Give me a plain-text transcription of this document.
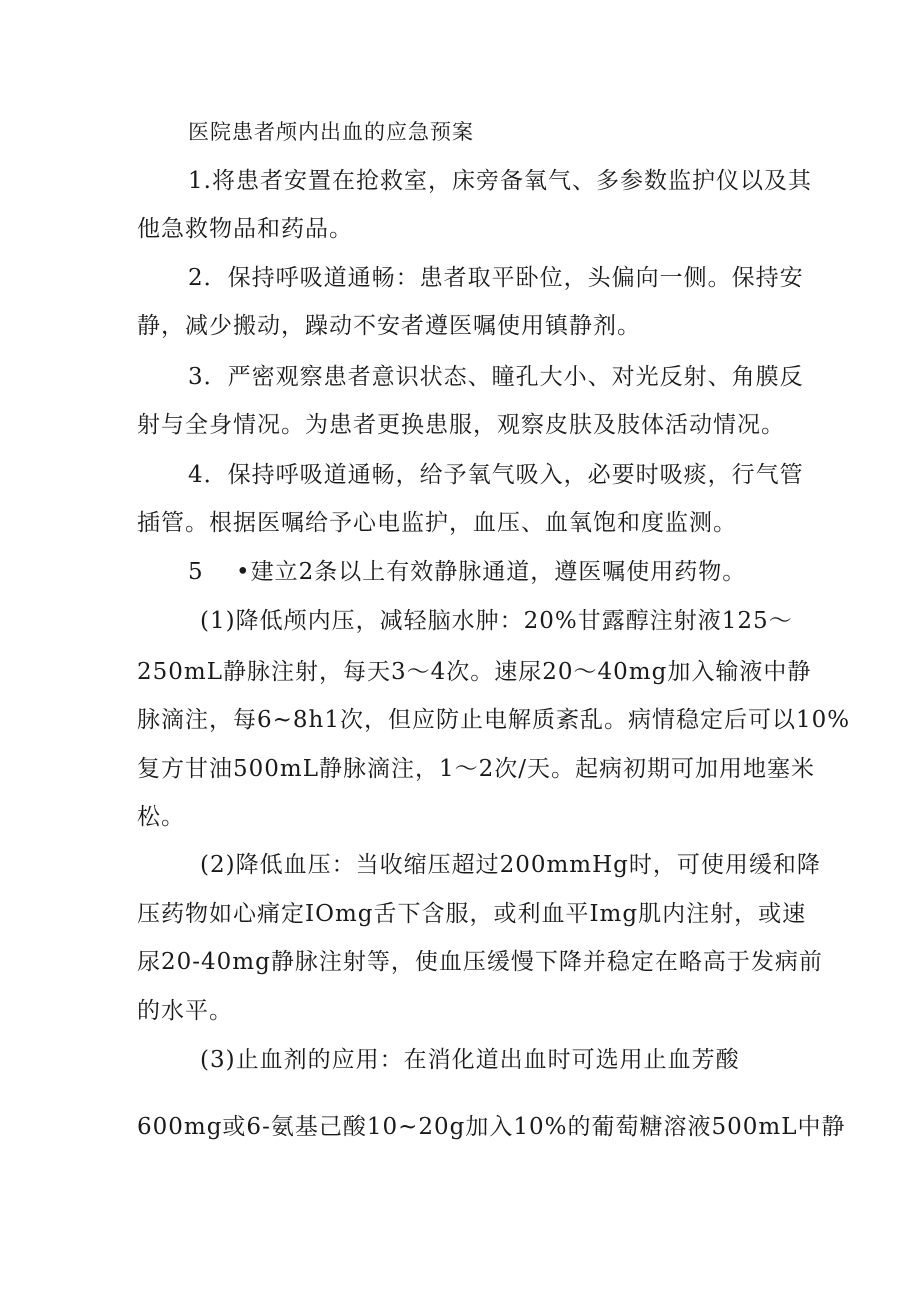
医院患者颅内出血的应急预案
1.将患者安置在抢救室，床旁备氧气、多参数监护仪以及其
他急救物品和药品。
2．保持呼吸道通畅：患者取平卧位，头偏向一侧。保持安
静，减少搬动，躁动不安者遵医嘱使用镇静剂。
3．严密观察患者意识状态、瞳孔大小、对光反射、角膜反
射与全身情况。为患者更换患服，观察皮肤及肢体活动情况。
4．保持呼吸道通畅，给予氧气吸入，必要时吸痰，行气管
插管。根据医嘱给予心电监护，血压、血氧饱和度监测。
5 •建立2条以上有效静脉通道，遵医嘱使用药物。
(1)降低颅内压，减轻脑水肿：20%甘露醇注射液125～
250mL静脉注射，每天3～4次。速尿20～40mg加入输液中静
脉滴注，每6~8h1次，但应防止电解质紊乱。病情稳定后可以10%
复方甘油500mL静脉滴注，1～2次/天。起病初期可加用地塞米
松。
(2)降低血压：当收缩压超过200mmHg时，可使用缓和降
压药物如心痛定IOmg舌下含服，或利血平Img肌内注射，或速
尿20-40mg静脉注射等，使血压缓慢下降并稳定在略高于发病前
的水平。
(3)止血剂的应用：在消化道出血时可选用止血芳酸
600mg或6-氨基己酸10~20g加入10%的葡萄糖溶液500mL中静
